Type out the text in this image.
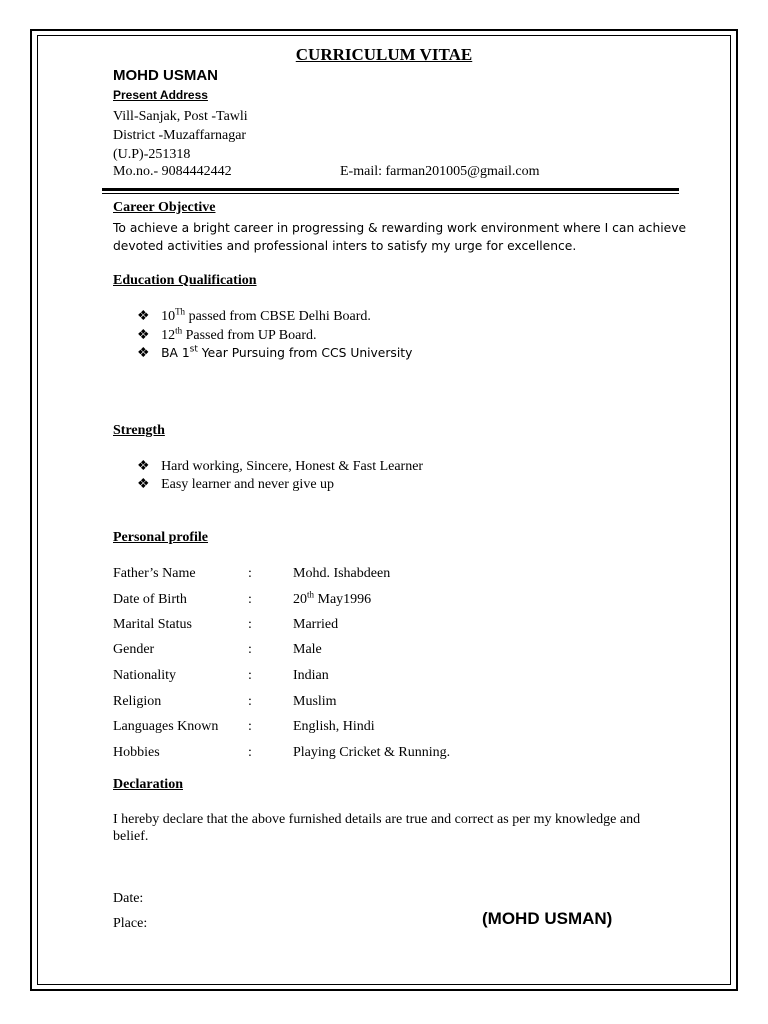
CURRICULUM VITAE
MOHD USMAN
Present Address
Vill-Sanjak, Post -Tawli
District -Muzaffarnagar
(U.P)-251318
Mo.no.- 9084442442	E-mail: farman201005@gmail.com
Career Objective
To achieve a bright career in progressing & rewarding work environment where I can achieve devoted activities and professional inters to satisfy my urge for excellence.
Education Qualification
❖ 10Th passed from CBSE Delhi Board.
❖ 12th Passed from UP Board.
❖ BA 1st Year Pursuing from CCS University
Strength
❖ Hard working, Sincere, Honest & Fast Learner
❖ Easy learner and never give up
Personal profile
Father’s Name	:	Mohd. Ishabdeen
Date of Birth	:	20th May1996
Marital Status	:	Married
Gender	:	Male
Nationality	:	Indian
Religion	:	Muslim
Languages Known :	English, Hindi
Hobbies	:	Playing Cricket & Running.
Declaration
I hereby declare that the above furnished details are true and correct as per my knowledge and belief.
Date:
Place:	(MOHD USMAN)
